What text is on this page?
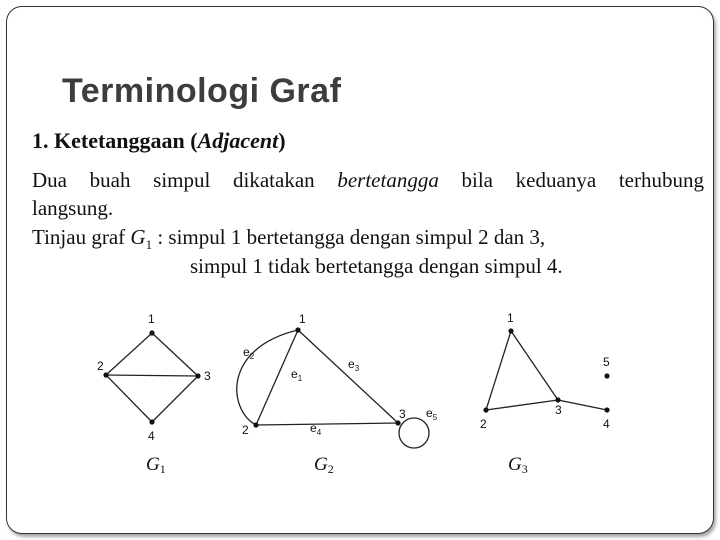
Terminologi Graf
1. Ketetanggaan (Adjacent)
Dua buah simpul dikatakan bertetangga bila keduanya terhubung
langsung.
Tinjau graf $G_1$ : simpul 1 bertetangga dengan simpul 2 dan 3,
simpul 1 tidak bertetangga dengan simpul 4.
1
2
3
4
G1
1
2
3
$e_2$
$e_1$
$e_3$
$e_4$
$e_5$
G2
1
2
3
4
5
G3
